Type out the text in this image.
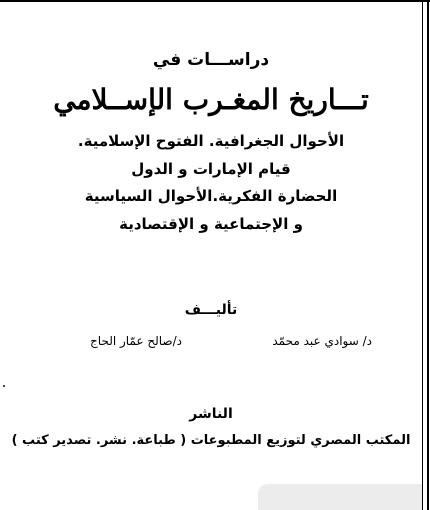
دراســـات في
تـــاريخ المغـرب الإســلامي
الأحوال الجغرافية. الفتوح الإسلامية.
قيام الإمارات و الدول
الحضارة الفكرية.الأحوال السياسية
و الإجتماعية و الإقتصادية
تأليـــف
د/ سوادي عبد محمّد
د/صالح عمّار الحاج
الناشر
المكتب المصري لتوزيع المطبوعات ( طباعة. نشر. تصدير كتب )
